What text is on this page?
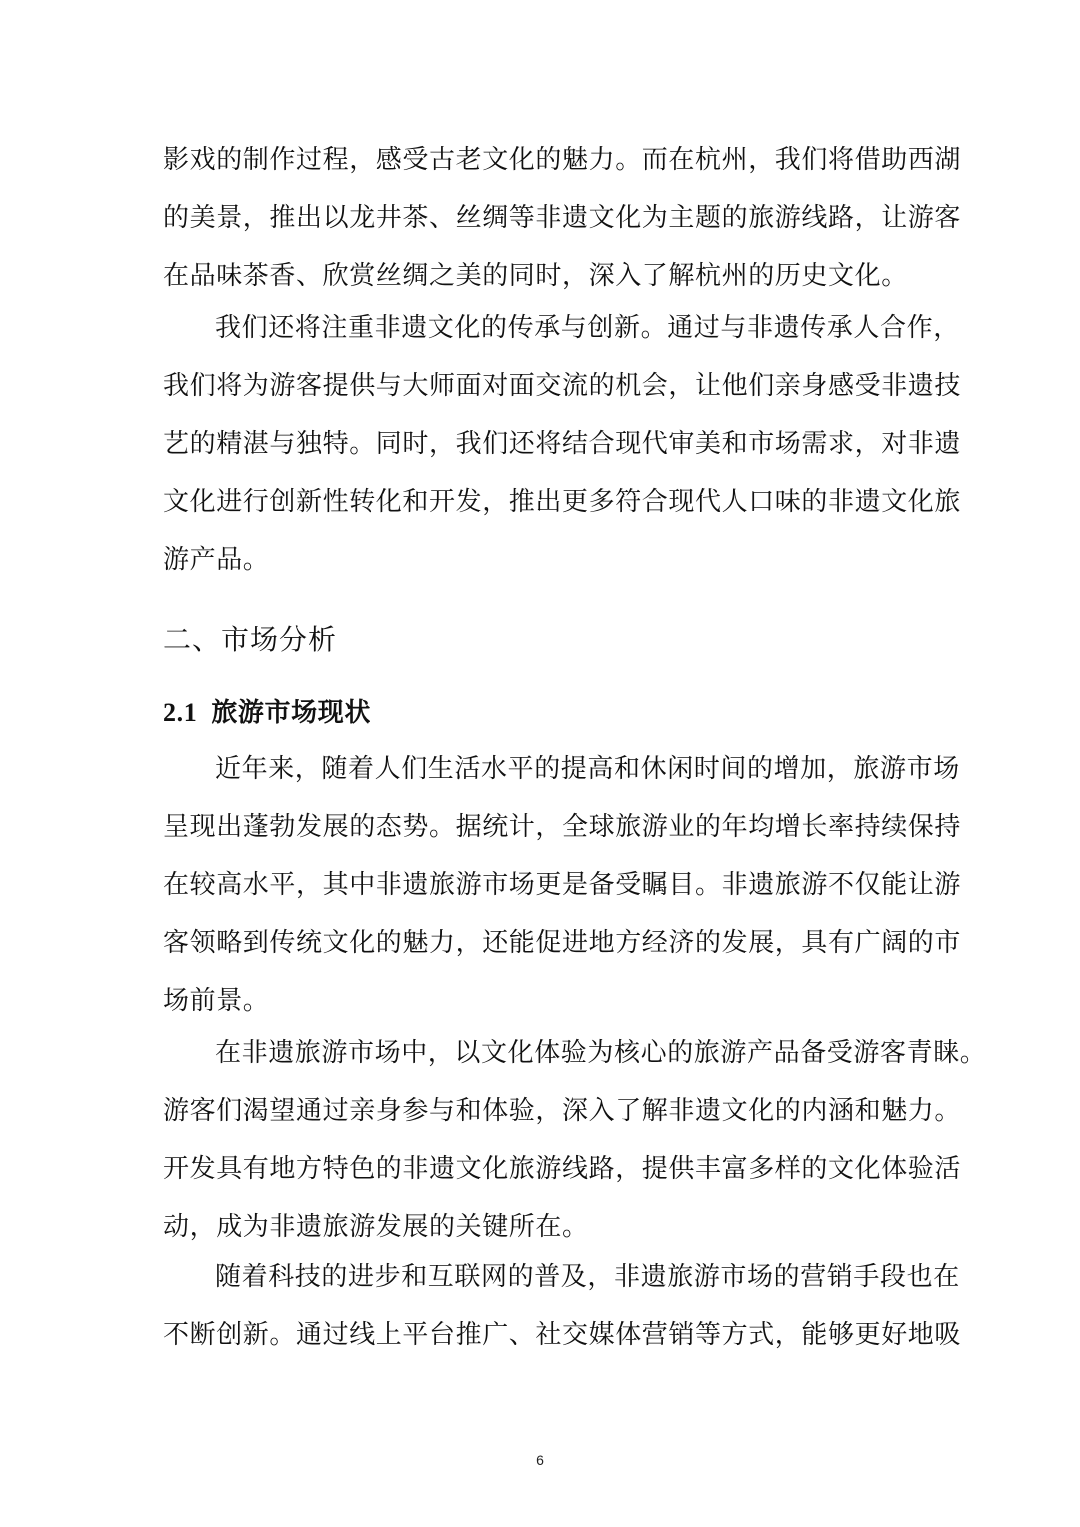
影戏的制作过程，感受古老文化的魅力。而在杭州，我们将借助西湖
的美景，推出以龙井茶、丝绸等非遗文化为主题的旅游线路，让游客
在品味茶香、欣赏丝绸之美的同时，深入了解杭州的历史文化。
我们还将注重非遗文化的传承与创新。通过与非遗传承人合作，
我们将为游客提供与大师面对面交流的机会，让他们亲身感受非遗技
艺的精湛与独特。同时，我们还将结合现代审美和市场需求，对非遗
文化进行创新性转化和开发，推出更多符合现代人口味的非遗文化旅
游产品。
二、市场分析
2.1 旅游市场现状
近年来，随着人们生活水平的提高和休闲时间的增加，旅游市场
呈现出蓬勃发展的态势。据统计，全球旅游业的年均增长率持续保持
在较高水平，其中非遗旅游市场更是备受瞩目。非遗旅游不仅能让游
客领略到传统文化的魅力，还能促进地方经济的发展，具有广阔的市
场前景。
在非遗旅游市场中，以文化体验为核心的旅游产品备受游客青睐。
游客们渴望通过亲身参与和体验，深入了解非遗文化的内涵和魅力。
开发具有地方特色的非遗文化旅游线路，提供丰富多样的文化体验活
动，成为非遗旅游发展的关键所在。
随着科技的进步和互联网的普及，非遗旅游市场的营销手段也在
不断创新。通过线上平台推广、社交媒体营销等方式，能够更好地吸
6
